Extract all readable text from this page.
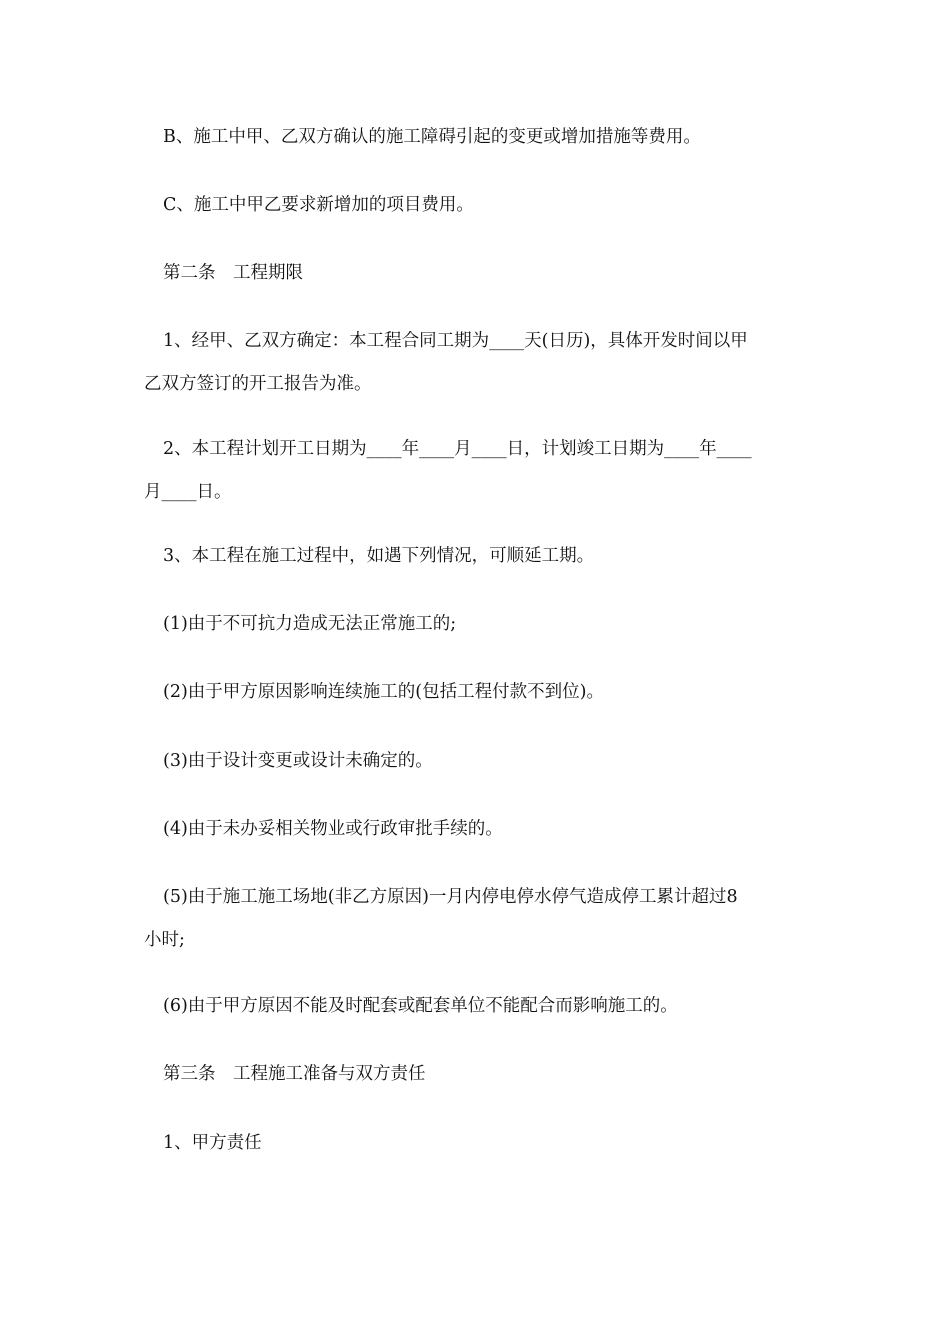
B、施工中甲、乙双方确认的施工障碍引起的变更或增加措施等费用。

C、施工中甲乙要求新增加的项目费用。

第二条　工程期限

1、经甲、乙双方确定：本工程合同工期为____天(日历)，具体开发时间以甲
乙双方签订的开工报告为准。

2、本工程计划开工日期为____年____月____日，计划竣工日期为____年____
月____日。

3、本工程在施工过程中，如遇下列情况，可顺延工期。

(1)由于不可抗力造成无法正常施工的;

(2)由于甲方原因影响连续施工的(包括工程付款不到位)。

(3)由于设计变更或设计未确定的。

(4)由于未办妥相关物业或行政审批手续的。

(5)由于施工施工场地(非乙方原因)一月内停电停水停气造成停工累计超过8
小时;

(6)由于甲方原因不能及时配套或配套单位不能配合而影响施工的。

第三条　工程施工准备与双方责任

1、甲方责任
